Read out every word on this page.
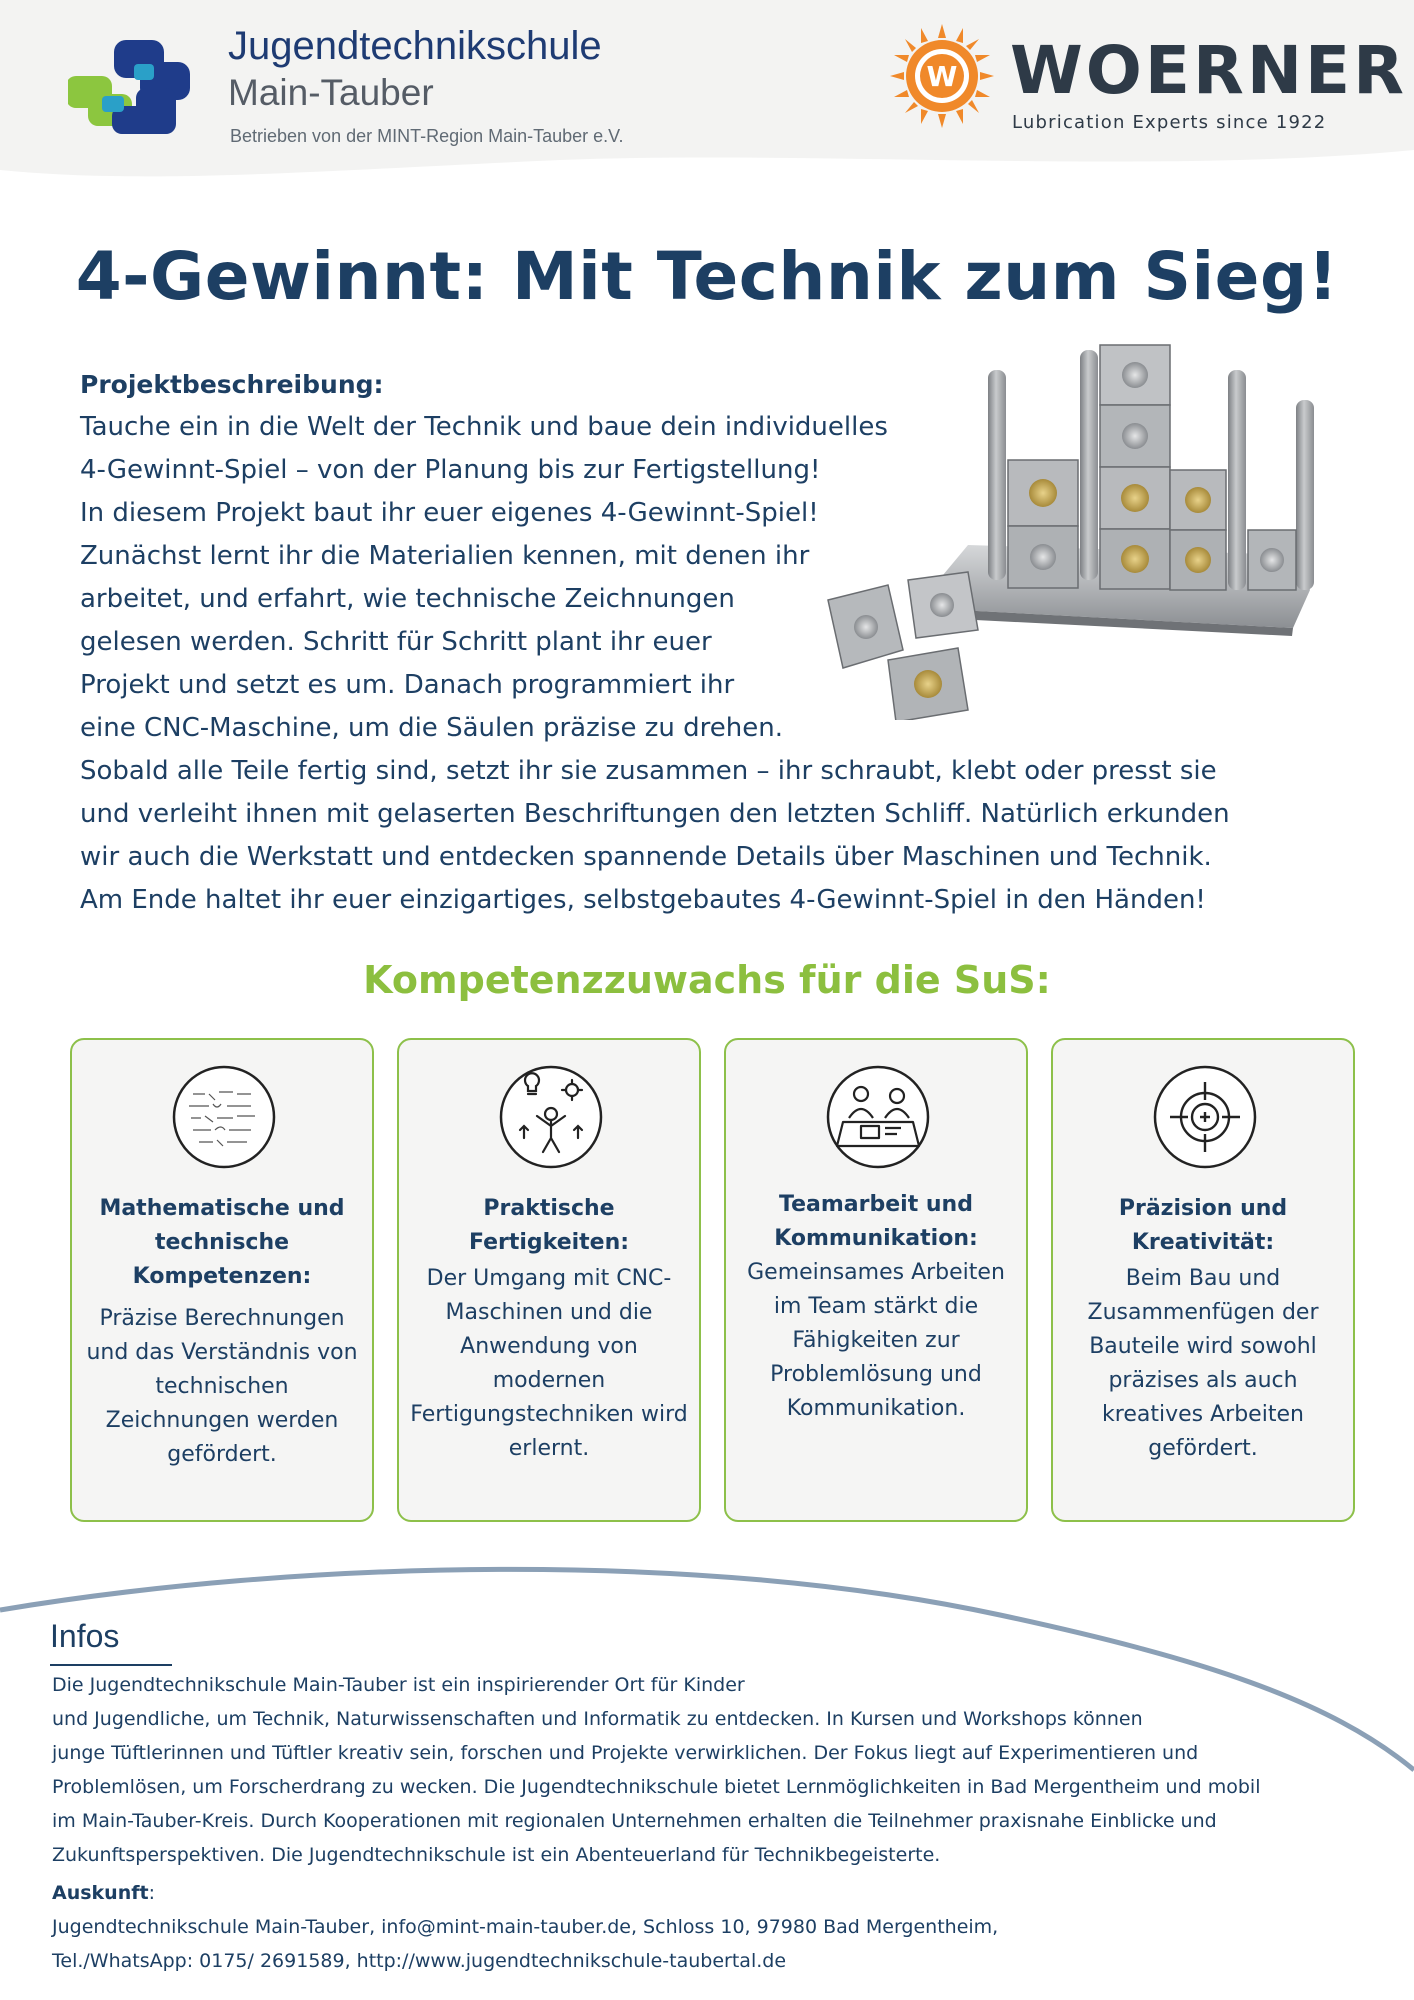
Jugendtechnikschule
Main-Tauber
Betrieben von der MINT-Region Main-Tauber e.V.
W WOERNER
Lubrication Experts since 1922
4-Gewinnt: Mit Technik zum Sieg!
Projektbeschreibung:
Tauche ein in die Welt der Technik und baue dein individuelles
4-Gewinnt-Spiel – von der Planung bis zur Fertigstellung!
In diesem Projekt baut ihr euer eigenes 4-Gewinnt-Spiel!
Zunächst lernt ihr die Materialien kennen, mit denen ihr
arbeitet, und erfahrt, wie technische Zeichnungen
gelesen werden. Schritt für Schritt plant ihr euer
Projekt und setzt es um. Danach programmiert ihr
eine CNC-Maschine, um die Säulen präzise zu drehen.
Sobald alle Teile fertig sind, setzt ihr sie zusammen – ihr schraubt, klebt oder presst sie
und verleiht ihnen mit gelaserten Beschriftungen den letzten Schliff. Natürlich erkunden
wir auch die Werkstatt und entdecken spannende Details über Maschinen und Technik.
Am Ende haltet ihr euer einzigartiges, selbstgebautes 4-Gewinnt-Spiel in den Händen!
Kompetenzzuwachs für die SuS:
Mathematische und technische Kompetenzen:
Präzise Berechnungen und das Verständnis von technischen Zeichnungen werden gefördert.
Praktische Fertigkeiten:
Der Umgang mit CNC-Maschinen und die Anwendung von modernen Fertigungstechniken wird erlernt.
Teamarbeit und Kommunikation:
Gemeinsames Arbeiten im Team stärkt die Fähigkeiten zur Problemlösung und Kommunikation.
Präzision und Kreativität:
Beim Bau und Zusammenfügen der Bauteile wird sowohl präzises als auch kreatives Arbeiten gefördert.
Infos
Die Jugendtechnikschule Main-Tauber ist ein inspirierender Ort für Kinder
und Jugendliche, um Technik, Naturwissenschaften und Informatik zu entdecken. In Kursen und Workshops können
junge Tüftlerinnen und Tüftler kreativ sein, forschen und Projekte verwirklichen. Der Fokus liegt auf Experimentieren und
Problemlösen, um Forscherdrang zu wecken. Die Jugendtechnikschule bietet Lernmöglichkeiten in Bad Mergentheim und mobil
im Main-Tauber-Kreis. Durch Kooperationen mit regionalen Unternehmen erhalten die Teilnehmer praxisnahe Einblicke und
Zukunftsperspektiven. Die Jugendtechnikschule ist ein Abenteuerland für Technikbegeisterte.
Auskunft:
Jugendtechnikschule Main-Tauber, info@mint-main-tauber.de, Schloss 10, 97980 Bad Mergentheim,
Tel./WhatsApp: 0175/ 2691589, http://www.jugendtechnikschule-taubertal.de
